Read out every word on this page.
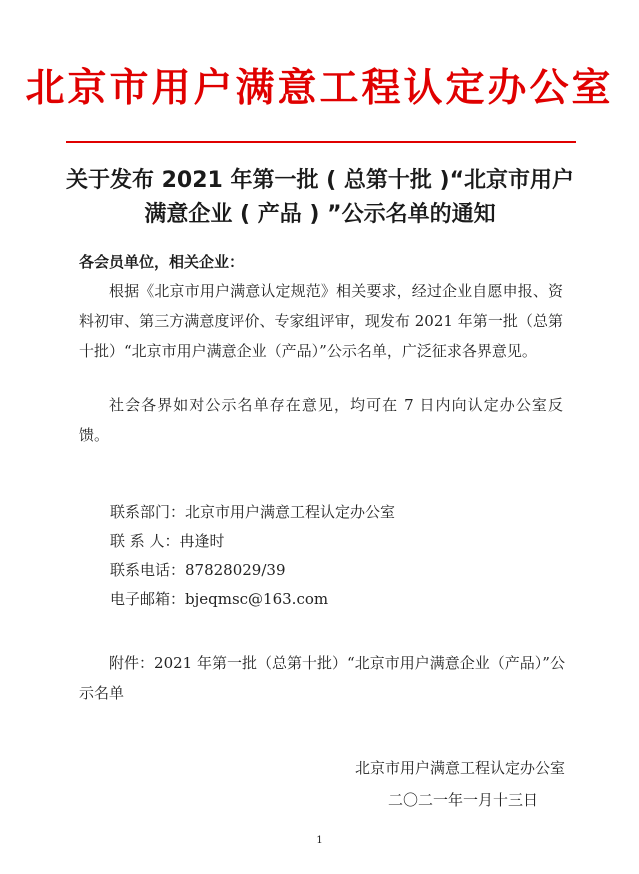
北京市用户满意工程认定办公室
关于发布 2021 年第一批 ( 总第十批 )“北京市用户满意企业 ( 产品 ) ”公示名单的通知

各会员单位，相关企业：

根据《北京市用户满意认定规范》相关要求，经过企业自愿申报、资料初审、第三方满意度评价、专家组评审，现发布 2021 年第一批（总第十批）“北京市用户满意企业（产品）”公示名单，广泛征求各界意见。

社会各界如对公示名单存在意见，均可在 7 日内向认定办公室反馈。

联系部门：北京市用户满意工程认定办公室

联 系 人：冉逢时

联系电话：87828029/39

电子邮箱：bjeqmsc@163.com

附件：2021 年第一批（总第十批）“北京市用户满意企业（产品）”公示名单

北京市用户满意工程认定办公室

二〇二一年一月十三日

1
